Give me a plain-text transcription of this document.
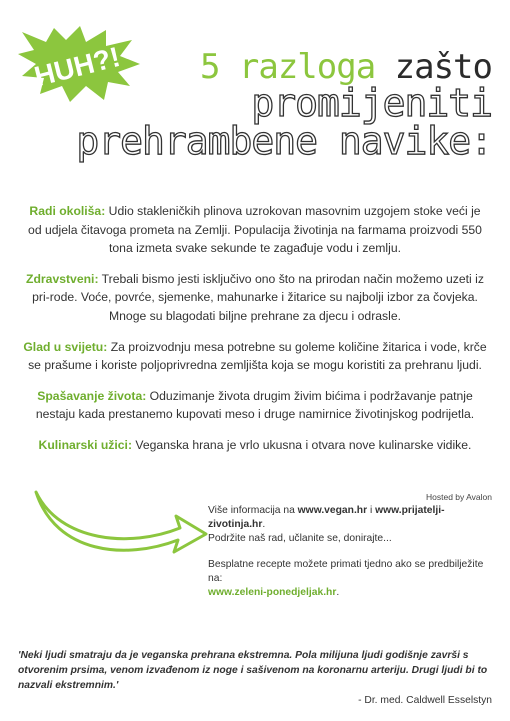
HUH?!	5 razloga zašto
promijeniti
prehrambene navike:

Radi okoliša: Udio stakleničkih plinova uzrokovan masovnim uzgojem stoke veći je od udjela čitavoga prometa na Zemlji. Populacija životinja na farmama proizvodi 550 tona izmeta svake sekunde te zagađuje vodu i zemlju.

Zdravstveni: Trebali bismo jesti isključivo ono što na prirodan način možemo uzeti iz pri-rode. Voće, povrće, sjemenke, mahunarke i žitarice su najbolji izbor za čovjeka. Mnoge su blagodati biljne prehrane za djecu i odrasle.

Glad u svijetu: Za proizvodnju mesa potrebne su goleme količine žitarica i vode, krče se prašume i koriste poljoprivredna zemljišta koja se mogu koristiti za prehranu ljudi.

Spašavanje života: Oduzimanje života drugim živim bićima i podržavanje patnje nestaju kada prestanemo kupovati meso i druge namirnice životinjskog podrijetla.

Kulinarski užici: Veganska hrana je vrlo ukusna i otvara nove kulinarske vidike.

Hosted by Avalon

Više informacija na www.vegan.hr i www.prijatelji-zivotinja.hr.

Podržite naš rad, učlanite se, donirajte...

Besplatne recepte možete primati tjedno ako se predbilježite na:

www.zeleni-ponedjeljak.hr.

'Neki ljudi smatraju da je veganska prehrana ekstremna. Pola milijuna ljudi godišnje završi s otvorenim prsima, venom izvađenom iz noge i sašivenom na koronarnu arteriju. Drugi ljudi bi to nazvali ekstremnim.'
- Dr. med. Caldwell Esselstyn
